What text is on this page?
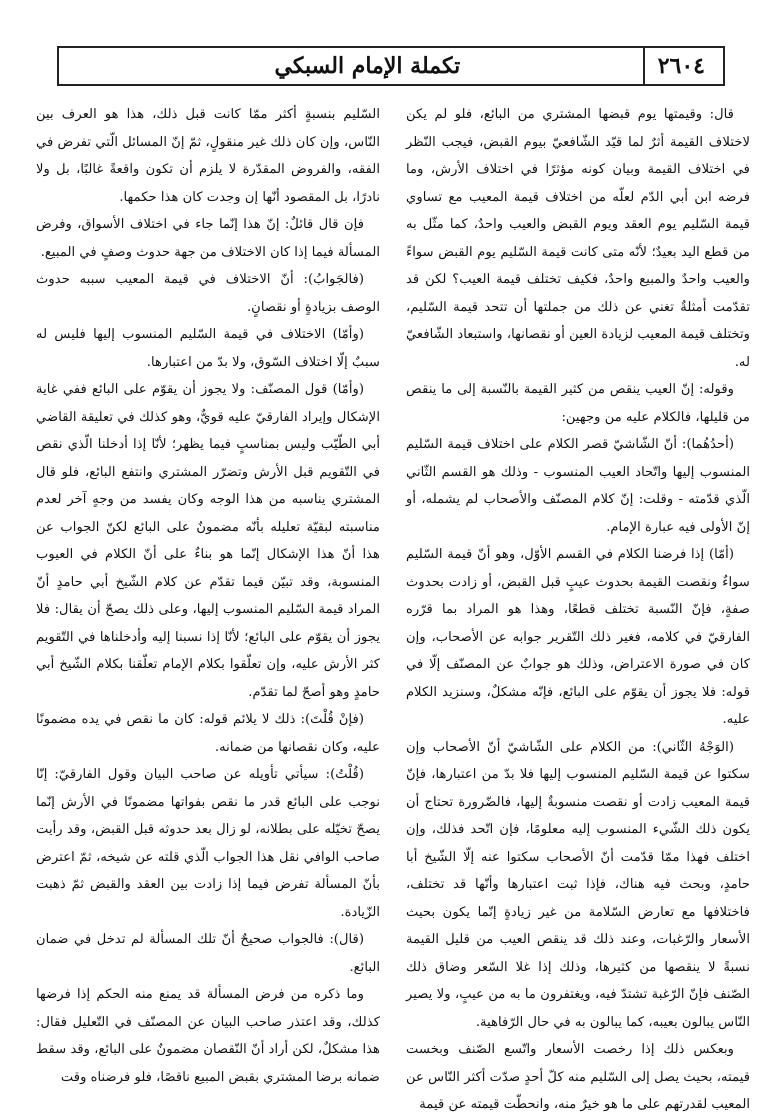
٢٦٠٤
تكملة الإمام السبكي

قال: وقيمتها يوم قبضها المشتري من البائع، فلو لم يكن لاختلاف القيمة أثرٌ لما قيّد الشّافعيّ بيوم القبض، فيجب النّظر في اختلاف القيمة وبيان كونه مؤثرًا في اختلاف الأرش، وما فرضه ابن أبي الدّم لعلّه من اختلاف قيمة المعيب مع تساوي قيمة السّليم يوم العقد ويوم القبض والعيب واحدٌ، كما مثّل به من قطع اليد بعيدٌ؛ لأنّه متى كانت قيمة السّليم يوم القبض سواءً والعيب واحدٌ والمبيع واحدٌ، فكيف تختلف قيمة العيب؟ لكن قد تقدّمت أمثلةٌ تغني عن ذلك من جملتها أن تتحد قيمة السّليم، وتختلف قيمة المعيب لزيادة العين أو نقصانها، واستبعاد الشّافعيّ له.

وقوله: إنّ العيب ينقص من كثير القيمة بالنّسبة إلى ما ينقص من قليلها، فالكلام عليه من وجهين:

(أحدُهُما): أنّ الشّاشيّ قصر الكلام على اختلاف قيمة السّليم المنسوب إليها واتّحاد العيب المنسوب - وذلك هو القسم الثّاني الّذي قدّمته - وقلت: إنّ كلام المصنّف والأصحاب لم يشمله، أو إنّ الأولى فيه عبارة الإمام.

(أمّا) إذا فرضنا الكلام في القسم الأوّل، وهو أنّ قيمة السّليم سواءٌ ونقصت القيمة بحدوث عيبٍ قبل القبض، أو زادت بحدوث صفةٍ، فإنّ النّسبة تختلف قطعًا، وهذا هو المراد بما قرّره الفارقيّ في كلامه، فغير ذلك التّقرير جوابه عن الأصحاب، وإن كان في صورة الاعتراض، وذلك هو جوابٌ عن المصنّف إلّا في قوله: فلا يجوز أن يقوّم على البائع، فإنّه مشكلٌ، وسنزيد الكلام عليه.

(الوَجْهُ الثّاني): من الكلام على الشّاشيّ أنّ الأصحاب وإن سكتوا عن قيمة السّليم المنسوب إليها فلا بدّ من اعتبارها، فإنّ قيمة المعيب زادت أو نقصت منسوبةٌ إليها، فالضّرورة تحتاج أن يكون ذلك الشّيء المنسوب إليه معلومًا، فإن اتّحد فذلك، وإن اختلف فهذا ممّا قدّمت أنّ الأصحاب سكتوا عنه إلّا الشّيخ أبا حامدٍ، وبحث فيه هناك، فإذا ثبت اعتبارها وأنّها قد تختلف، فاختلافها مع تعارض السّلامة من غير زيادةٍ إنّما يكون بحيث الأسعار والرّغبات، وعند ذلك قد ينقص العيب من قليل القيمة نسبةً لا ينقصها من كثيرها، وذلك إذا غلا السّعر وضاق ذلك الصّنف فإنّ الرّغبة تشتدّ فيه، ويغتفرون ما به من عيبٍ، ولا يصير النّاس يبالون بعيبه، كما يبالون به في حال الرّفاهية.

وبعكس ذلك إذا رخصت الأسعار واتّسع الصّنف وبخست قيمته، بحيث يصل إلى السّليم منه كلّ أحدٍ صدّت أكثر النّاس عن المعيب لقدرتهم على ما هو خيرٌ منه، وانحطّت قيمته عن قيمة

السّليم بنسبةٍ أكثر ممّا كانت قبل ذلك، هذا هو العرف بين النّاس، وإن كان ذلك غير منقولٍ، ثمّ إنّ المسائل الّتي تفرض في الفقه، والفروض المقدّرة لا يلزم أن تكون واقعةً غالبًا، بل ولا نادرًا، بل المقصود أنّها إن وجدت كان هذا حكمها.

فإن قال قائلٌ: إنّ هذا إنّما جاء في اختلاف الأسواق، وفرض المسألة فيما إذا كان الاختلاف من جهة حدوث وصفٍ في المبيع.

(فالجَوابُ): أنّ الاختلاف في قيمة المعيب سببه حدوث الوصف بزيادةٍ أو نقصانٍ.

(وأمّا) الاختلاف في قيمة السّليم المنسوب إليها فليس له سببٌ إلّا اختلاف السّوق، ولا بدّ من اعتبارها.

(وأمّا) قول المصنّف: ولا يجوز أن يقوّم على البائع ففي غاية الإشكال وإيراد الفارقيّ عليه قويٌّ، وهو كذلك في تعليقة القاضي أبي الطّيّب وليس بمناسبٍ فيما يظهر؛ لأنّا إذا أدخلنا الّذي نقص في التّقويم قبل الأرش وتضرّر المشتري وانتفع البائع، فلو قال المشتري يناسبه من هذا الوجه وكان يفسد من وجهٍ آخر لعدم مناسبته لبقيّة تعليله بأنّه مضمونٌ على البائع لكنّ الجواب عن هذا أنّ هذا الإشكال إنّما هو بناءٌ على أنّ الكلام في العيوب المنسوبة، وقد تبيّن فيما تقدّم عن كلام الشّيخ أبي حامدٍ أنّ المراد قيمة السّليم المنسوب إليها، وعلى ذلك يصحّ أن يقال: فلا يجوز أن يقوّم على البائع؛ لأنّا إذا نسبنا إليه وأدخلناها في التّقويم كثر الأرش عليه، وإن تعلّقوا بكلام الإمام تعلّقنا بكلام الشّيخ أبي حامدٍ وهو أصحّ لما تقدّم.

(فإنْ قُلْتَ): ذلك لا يلائم قوله: كان ما نقص في يده مضمونًا عليه، وكان نقصانها من ضمانه.

(قُلْتُ): سيأتي تأويله عن صاحب البيان وقول الفارقيّ: إنّا نوجب على البائع قدر ما نقص بفواتها مضمونًا في الأرش إنّما يصحّ تخيّله على بطلانه، لو زال بعد حدوثه قبل القبض، وقد رأيت صاحب الوافي نقل هذا الجواب الّذي قلته عن شيخه، ثمّ اعترض بأنّ المسألة تفرض فيما إذا زادت بين العقد والقبض ثمّ ذهبت الزّيادة.

(قال): فالجواب صحيحٌ أنّ تلك المسألة لم تدخل في ضمان البائع.

وما ذكره من فرض المسألة قد يمنع منه الحكم إذا فرضها كذلك، وقد اعتذر صاحب البيان عن المصنّف في التّعليل فقال: هذا مشكلٌ، لكن أراد أنّ النّقصان مضمونٌ على البائع، وقد سقط ضمانه برضا المشتري بقبض المبيع ناقصًا، فلو فرضناه وقت
